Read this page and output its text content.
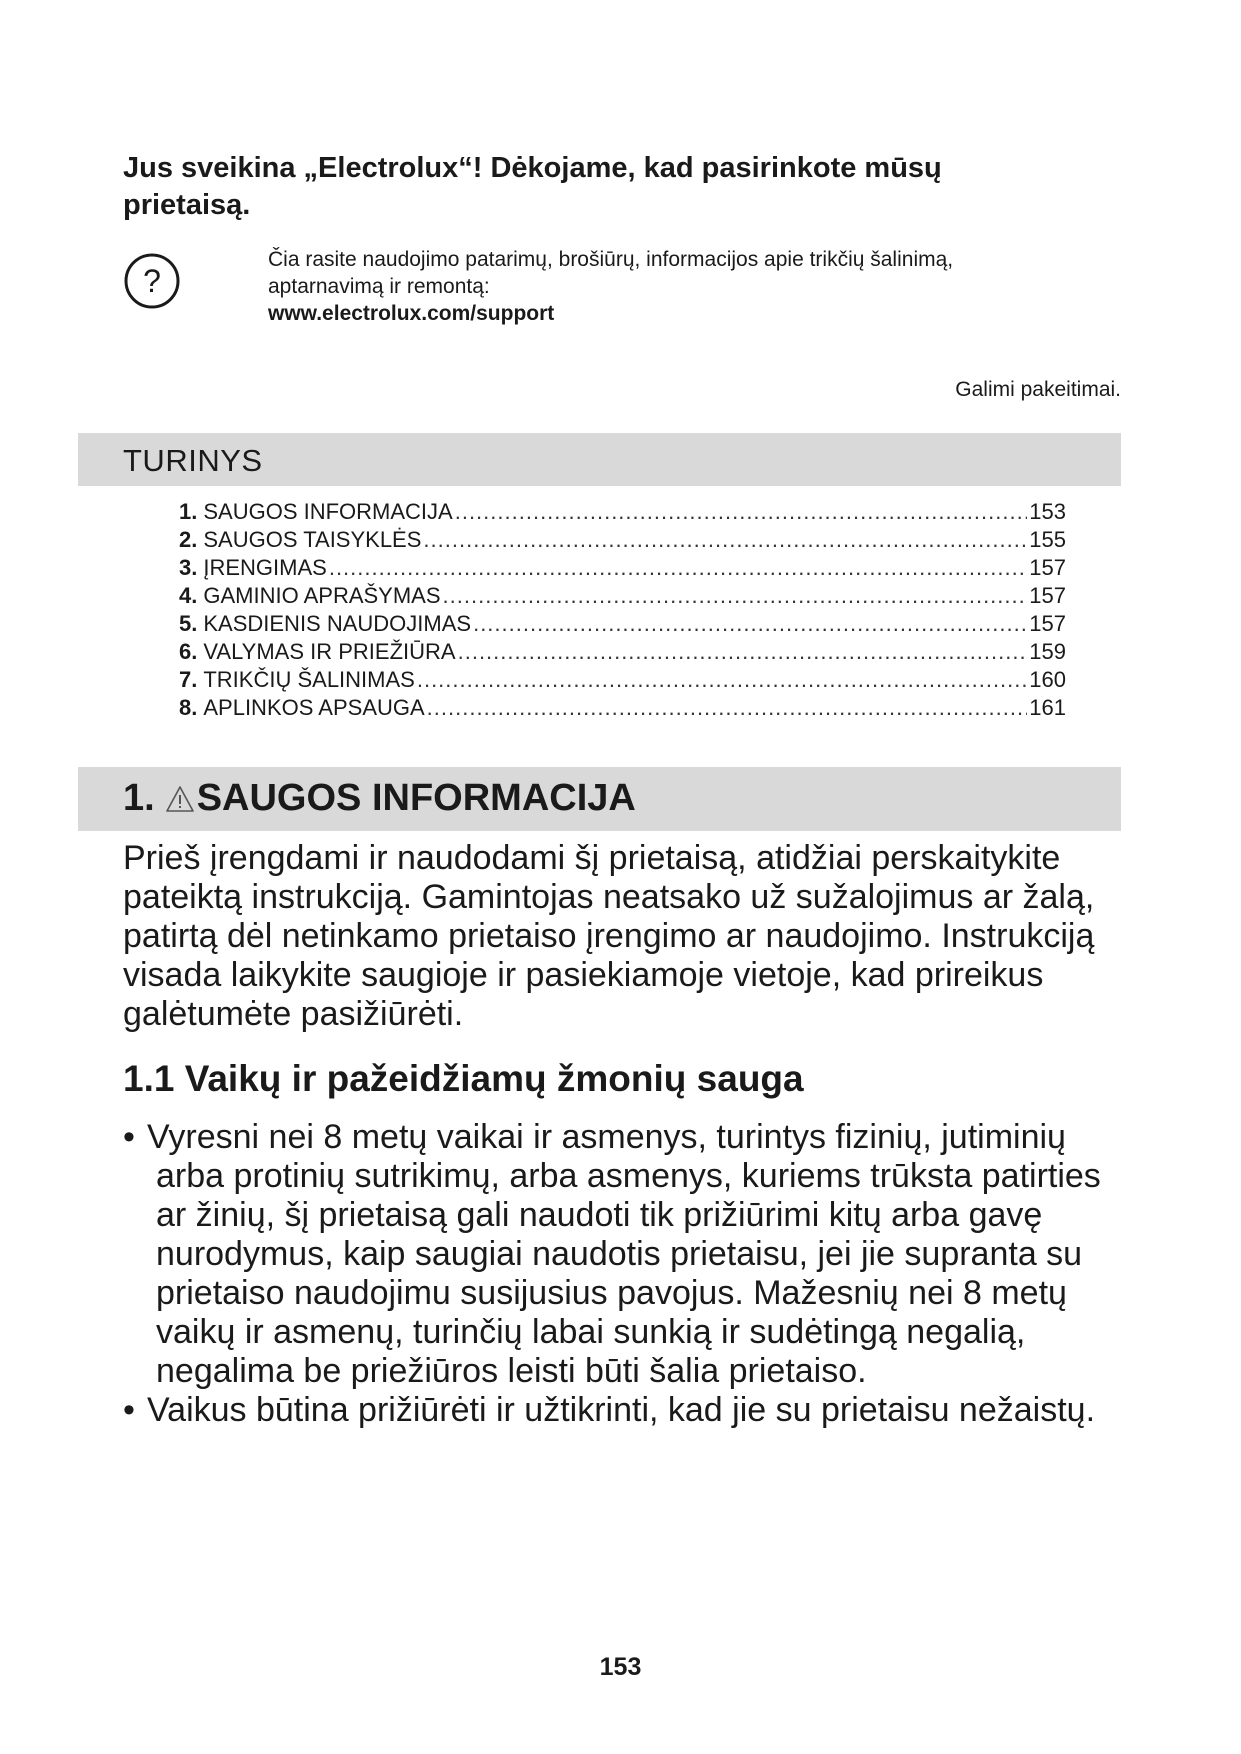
Jus sveikina „Electrolux“! Dėkojame, kad pasirinkote mūsų prietaisą.
?
Čia rasite naudojimo patarimų, brošiūrų, informacijos apie trikčių šalinimą, aptarnavimą ir remontą:
www.electrolux.com/support
Galimi pakeitimai.
TURINYS
1. SAUGOS INFORMACIJA .....	153
2. SAUGOS TAISYKLĖS .....	155
3. ĮRENGIMAS .....	157
4. GAMINIO APRAŠYMAS .....	157
5. KASDIENIS NAUDOJIMAS .....	157
6. VALYMAS IR PRIEŽIŪRA .....	159
7. TRIKČIŲ ŠALINIMAS .....	160
8. APLINKOS APSAUGA .....	161
1. SAUGOS INFORMACIJA

Prieš įrengdami ir naudodami šį prietaisą, atidžiai perskaitykite pateiktą instrukciją. Gamintojas neatsako už sužalojimus ar žalą, patirtą dėl netinkamo prietaiso įrengimo ar naudojimo. Instrukciją visada laikykite saugioje ir pasiekiamoje vietoje, kad prireikus galėtumėte pasižiūrėti.

1.1 Vaikų ir pažeidžiamų žmonių sauga
• Vyresni nei 8 metų vaikai ir asmenys, turintys fizinių, jutiminių arba protinių sutrikimų, arba asmenys, kuriems trūksta patirties ar žinių, šį prietaisą gali naudoti tik prižiūrimi kitų arba gavę nurodymus, kaip saugiai naudotis prietaisu, jei jie supranta su prietaiso naudojimu susijusius pavojus. Mažesnių nei 8 metų vaikų ir asmenų, turinčių labai sunkią ir sudėtingą negalią, negalima be priežiūros leisti būti šalia prietaiso.
• Vaikus būtina prižiūrėti ir užtikrinti, kad jie su prietaisu nežaistų.
153
